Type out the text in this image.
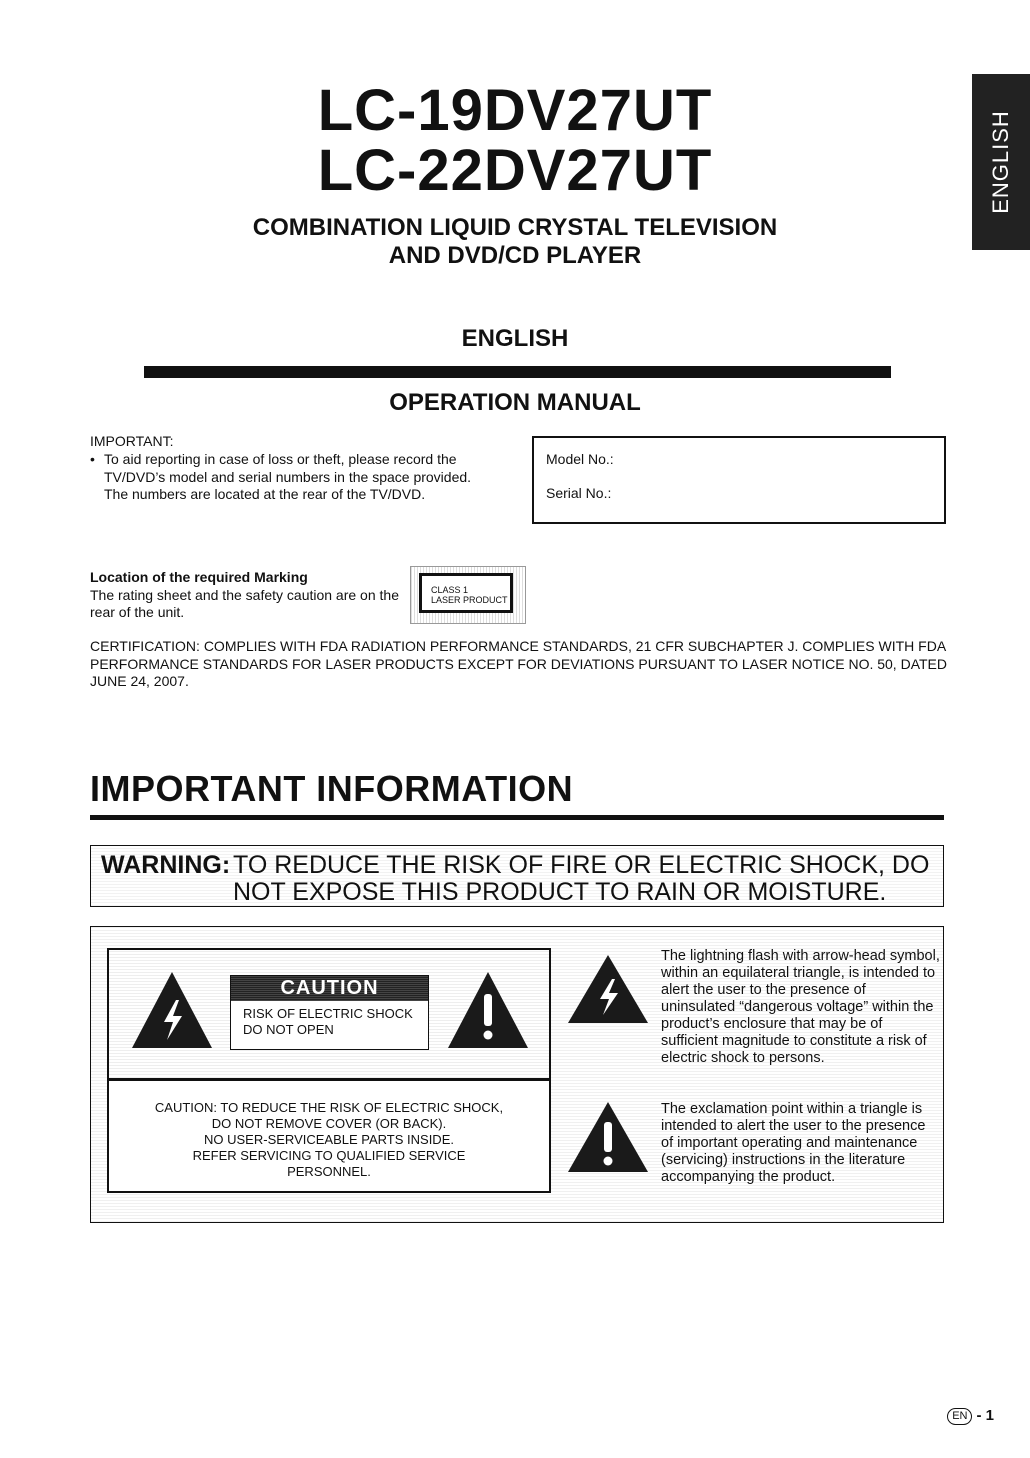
LC-19DV27UT
LC-22DV27UT
COMBINATION LIQUID CRYSTAL TELEVISION
AND DVD/CD PLAYER
ENGLISH
OPERATION MANUAL
ENGLISH
IMPORTANT:
• To aid reporting in case of loss or theft, please record the TV/DVD’s model and serial numbers in the space provided. The numbers are located at the rear of the TV/DVD.
Model No.:
Serial No.:
Location of the required Marking
The rating sheet and the safety caution are on the rear of the unit.
CLASS 1
LASER PRODUCT
CERTIFICATION: COMPLIES WITH FDA RADIATION PERFORMANCE STANDARDS, 21 CFR SUBCHAPTER J. COMPLIES WITH FDA PERFORMANCE STANDARDS FOR LASER PRODUCTS EXCEPT FOR DEVIATIONS PURSUANT TO LASER NOTICE NO. 50, DATED JUNE 24, 2007.
IMPORTANT INFORMATION
WARNING: TO REDUCE THE RISK OF FIRE OR ELECTRIC SHOCK, DO
NOT EXPOSE THIS PRODUCT TO RAIN OR MOISTURE.
CAUTION
RISK OF ELECTRIC SHOCK
DO NOT OPEN
CAUTION: TO REDUCE THE RISK OF ELECTRIC SHOCK,
DO NOT REMOVE COVER (OR BACK).
NO USER-SERVICEABLE PARTS INSIDE.
REFER SERVICING TO QUALIFIED SERVICE
PERSONNEL.
The lightning flash with arrow-head symbol, within an equilateral triangle, is intended to alert the user to the presence of uninsulated “dangerous voltage” within the product’s enclosure that may be of sufficient magnitude to constitute a risk of electric shock to persons.
The exclamation point within a triangle is intended to alert the user to the presence of important operating and maintenance (servicing) instructions in the literature accompanying the product.
EN - 1
